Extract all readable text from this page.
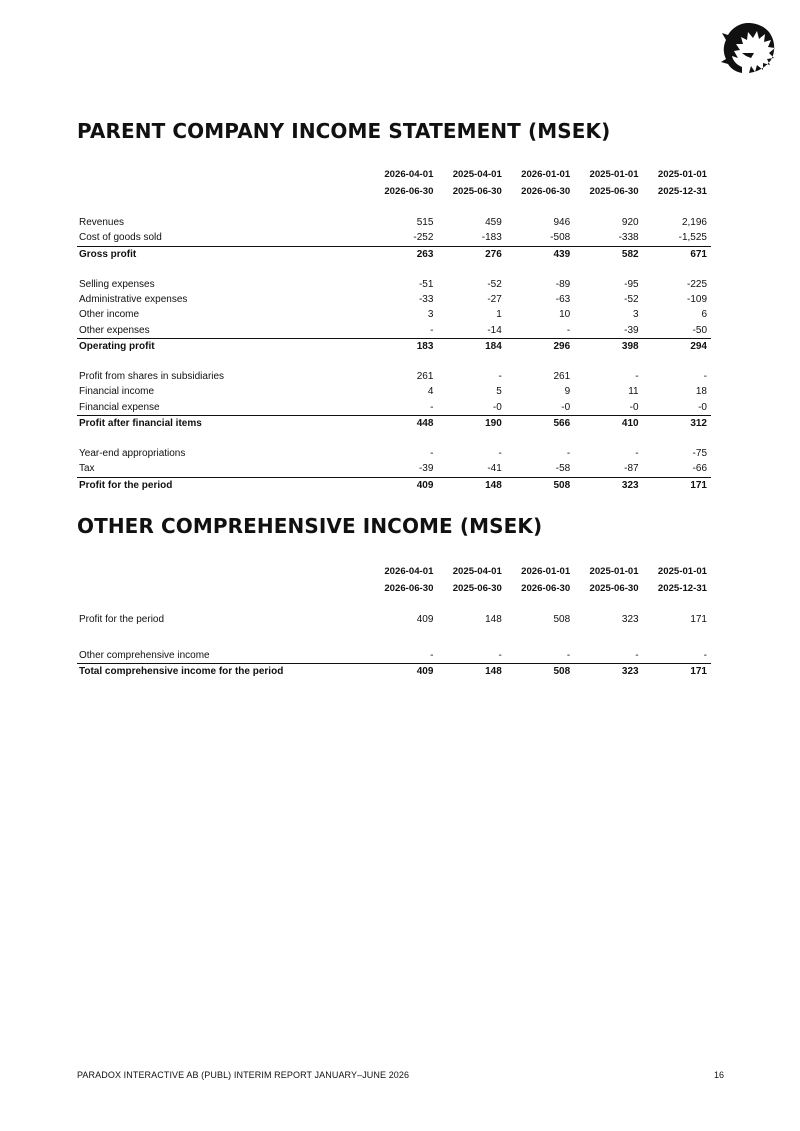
PARENT COMPANY INCOME STATEMENT (MSEK)
	2026-04-01	2025-04-01	2026-01-01	2025-01-01	2025-01-01
	2026-06-30	2025-06-30	2026-06-30	2025-06-30	2025-12-31

Revenues	515	459	946	920	2,196
Cost of goods sold	-252	-183	-508	-338	-1,525
Gross profit	263	276	439	582	671

Selling expenses	-51	-52	-89	-95	-225
Administrative expenses	-33	-27	-63	-52	-109
Other income	3	1	10	3	6
Other expenses	-	-14	-	-39	-50
Operating profit	183	184	296	398	294

Profit from shares in subsidiaries	261	-	261	-	-
Financial income	4	5	9	11	18
Financial expense	-	-0	-0	-0	-0
Profit after financial items	448	190	566	410	312

Year-end appropriations	-	-	-	-	-75
Tax	-39	-41	-58	-87	-66
Profit for the period	409	148	508	323	171
OTHER COMPREHENSIVE INCOME (MSEK)
	2026-04-01	2025-04-01	2026-01-01	2025-01-01	2025-01-01
	2026-06-30	2025-06-30	2026-06-30	2025-06-30	2025-12-31

Profit for the period	409	148	508	323	171

Other comprehensive income	-	-	-	-	-
Total comprehensive income for the period	409	148	508	323	171
PARADOX INTERACTIVE AB (PUBL) INTERIM REPORT JANUARY–JUNE 2026	16
